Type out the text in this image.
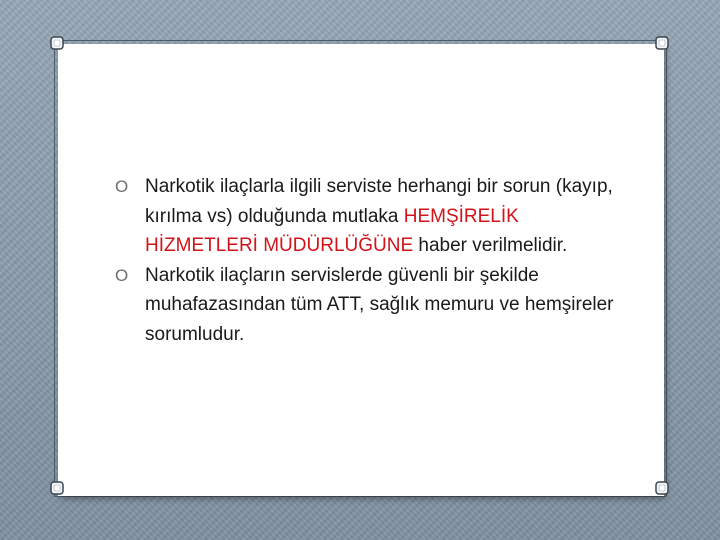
O Narkotik ilaçlarla ilgili serviste herhangi bir sorun (kayıp, kırılma vs) olduğunda mutlaka HEMŞİRELİK HİZMETLERİ MÜDÜRLÜĞÜNE haber verilmelidir.
O Narkotik ilaçların servislerde güvenli bir şekilde muhafazasından tüm ATT, sağlık memuru ve hemşireler sorumludur.
